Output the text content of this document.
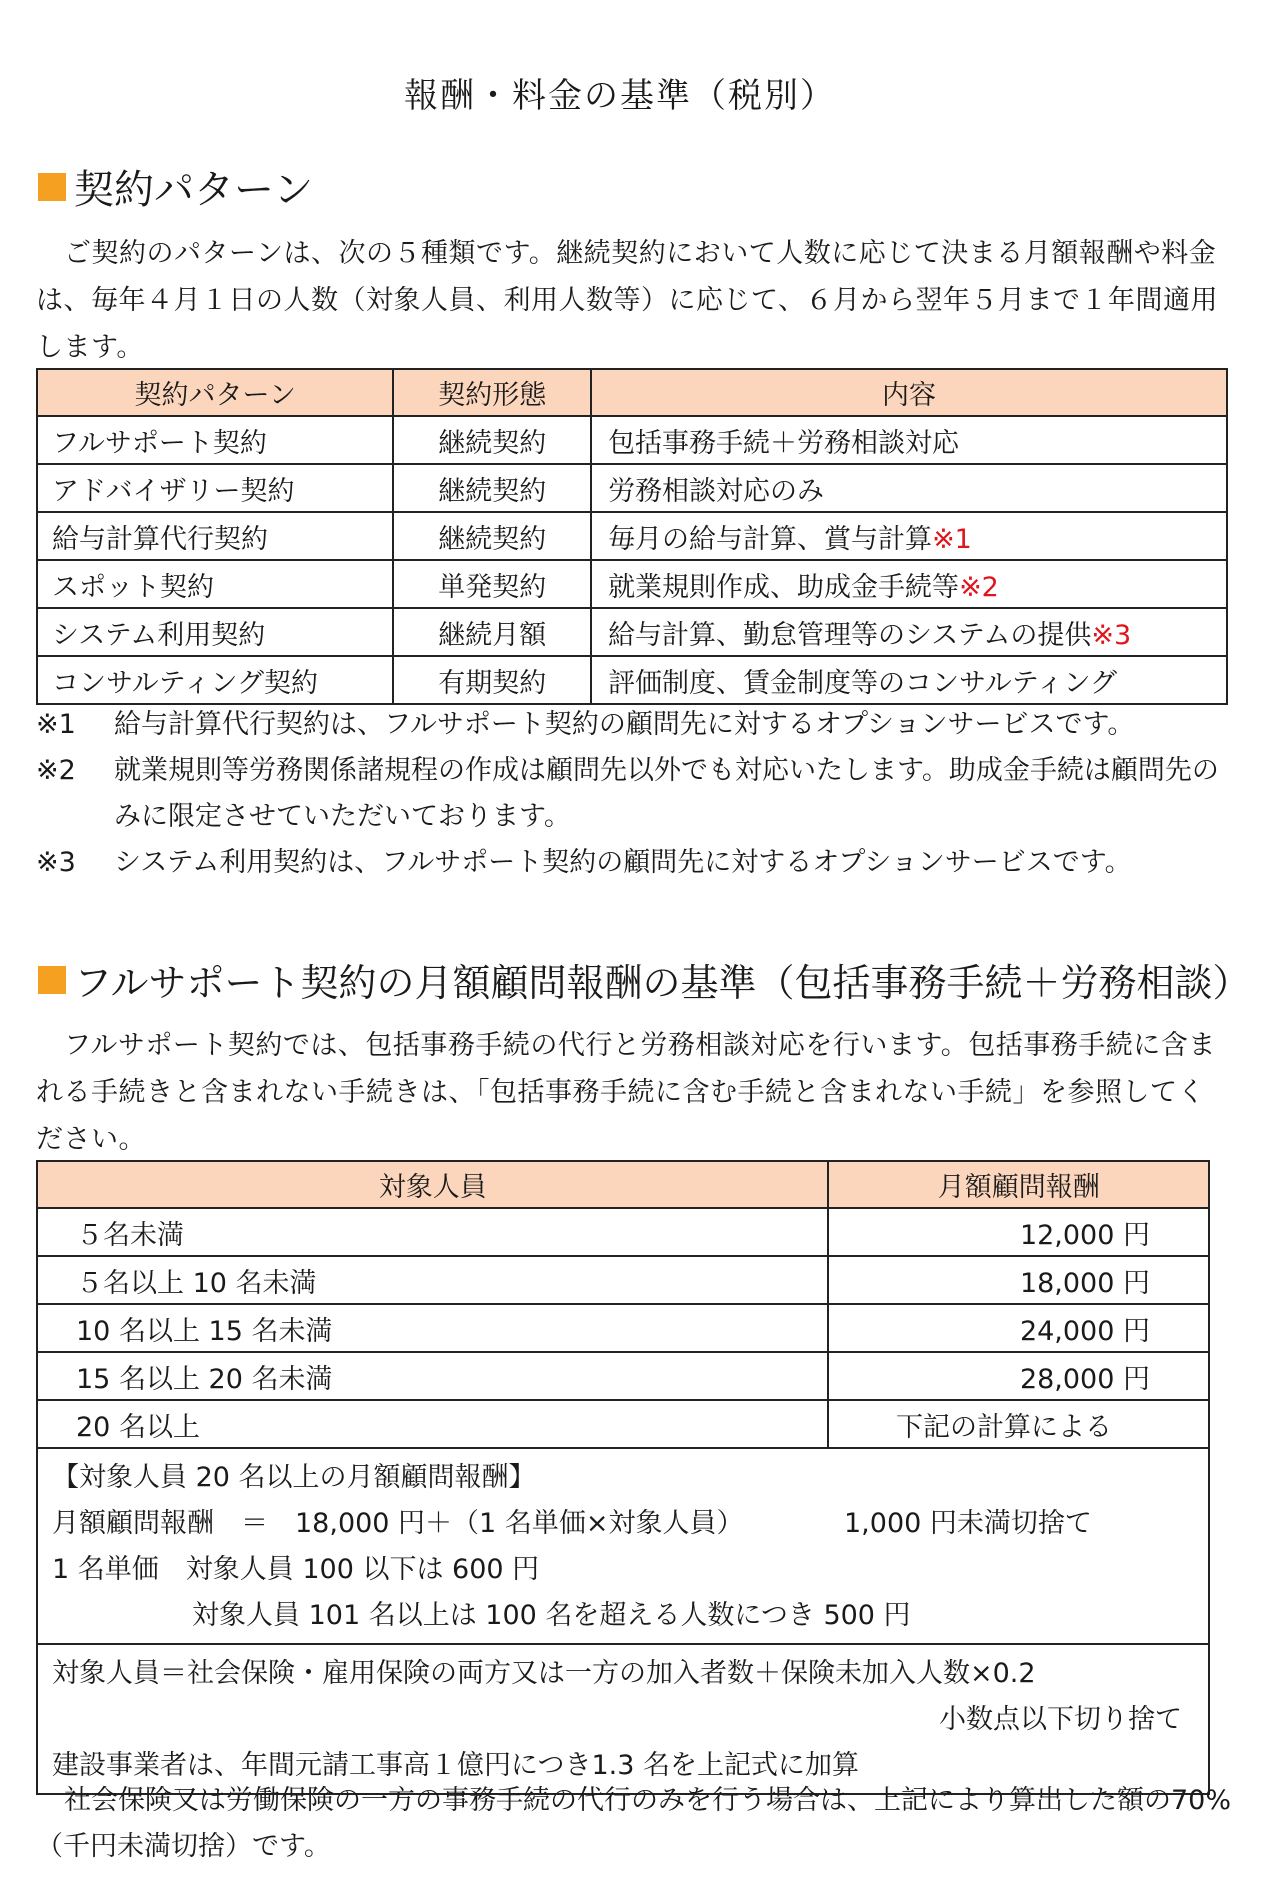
報酬・料金の基準（税別）
契約パターン

ご契約のパターンは、次の５種類です。継続契約において人数に応じて決まる月額報酬や料金は、毎年４月１日の人数（対象人員、利用人数等）に応じて、６月から翌年５月まで１年間適用します。

契約パターン	契約形態	内容
フルサポート契約	継続契約	包括事務手続＋労務相談対応
アドバイザリー契約	継続契約	労務相談対応のみ
給与計算代行契約	継続契約	毎月の給与計算、賞与計算※1
スポット契約	単発契約	就業規則作成、助成金手続等※2
システム利用契約	継続月額	給与計算、勤怠管理等のシステムの提供※3
コンサルティング契約	有期契約	評価制度、賃金制度等のコンサルティング
※1	給与計算代行契約は、フルサポート契約の顧問先に対するオプションサービスです。
※2	就業規則等労務関係諸規程の作成は顧問先以外でも対応いたします。助成金手続は顧問先のみに限定させていただいております。
※3	システム利用契約は、フルサポート契約の顧問先に対するオプションサービスです。
フルサポート契約の月額顧問報酬の基準（包括事務手続＋労務相談）

フルサポート契約では、包括事務手続の代行と労務相談対応を行います。包括事務手続に含まれる手続きと含まれない手続きは、「包括事務手続に含む手続と含まれない手続」を参照してください。

対象人員	月額顧問報酬
５名未満	12,000 円
５名以上 10 名未満	18,000 円
10 名以上 15 名未満	24,000 円
15 名以上 20 名未満	28,000 円
20 名以上	下記の計算による

【対象人員 20 名以上の月額顧問報酬】
月額顧問報酬　＝　18,000 円＋（1 名単価×対象人員） 1,000 円未満切捨て
1 名単価　対象人員 100 以下は 600 円
対象人員 101 名以上は 100 名を超える人数につき 500 円	

対象人員＝社会保険・雇用保険の両方又は一方の加入者数＋保険未加入人数×0.2
小数点以下切り捨て
建設事業者は、年間元請工事高１億円につき1.3 名を上記式に加算	

社会保険又は労働保険の一方の事務手続の代行のみを行う場合は、上記により算出した額の70%（千円未満切捨）です。
